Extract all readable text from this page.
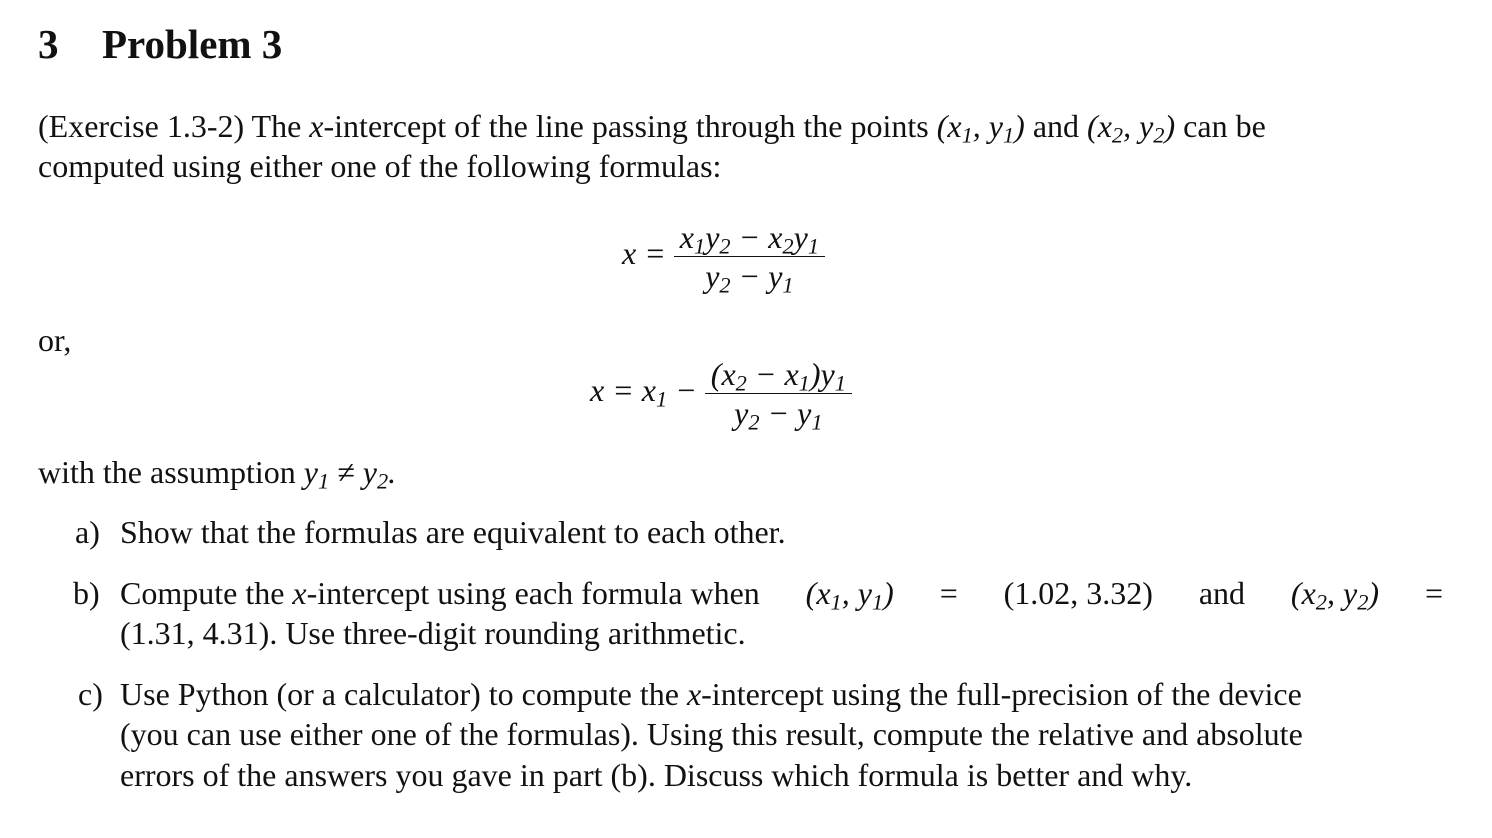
3 Problem 3
(Exercise 1.3-2) The x-intercept of the line passing through the points ($x_1$, $y_1$) and ($x_2$, $y_2$) can be
computed using either one of the following formulas:
$x = \frac{x_1y_2 - x_2y_1}{y_2 - y_1}$
or,
$x = x_1 - \frac{(x_2 - x_1)y_1}{y_2 - y_1}$
with the assumption $y_1 \ne y_2$.
a) Show that the formulas are equivalent to each other.
b) Compute the x-intercept using each formula when ($x_1$, $y_1) = (1.02$, 3.32) and ($x_2$, $y_2$) =
(1.31, 4.31). Use three-digit rounding arithmetic.
c) Use Python (or a calculator) to compute the x-intercept using the full-precision of the device
(you can use either one of the formulas). Using this result, compute the relative and absolute
errors of the answers you gave in part (b). Discuss which formula is better and why.
